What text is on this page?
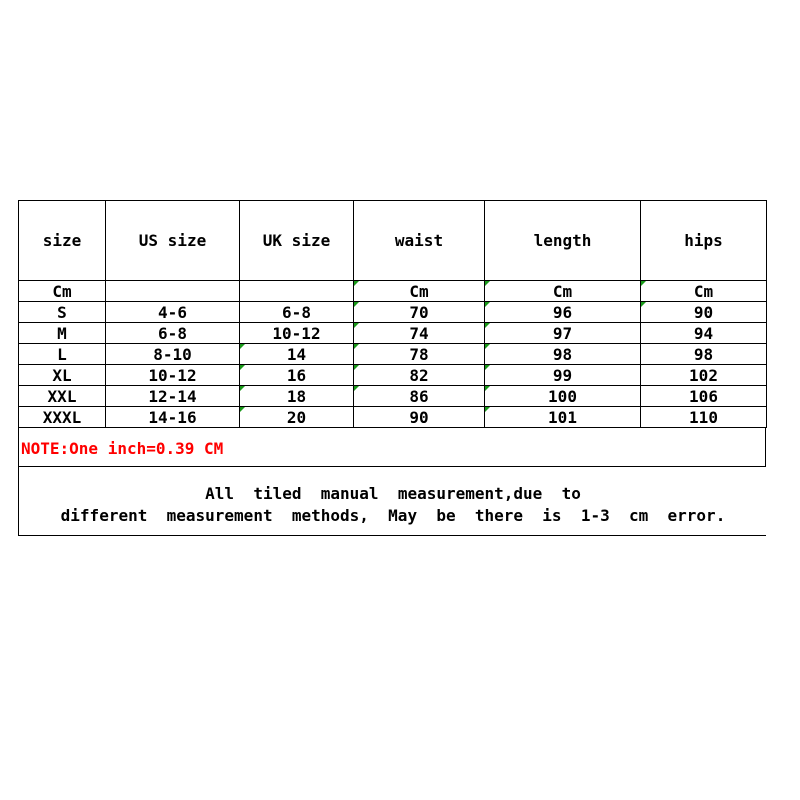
size	US size	UK size	waist	length	hips
Cm			Cm	Cm	Cm
S	4-6	6-8	70	96	90
M	6-8	10-12	74	97	94
L	8-10	14	78	98	98
XL	10-12	16	82	99	102
XXL	12-14	18	86	100	106
XXXL	14-16	20	90	101	110
NOTE:One inch=0.39 CM
All  tiled  manual  measurement,due  to
different  measurement  methods,  May  be  there  is  1-3  cm  error.
